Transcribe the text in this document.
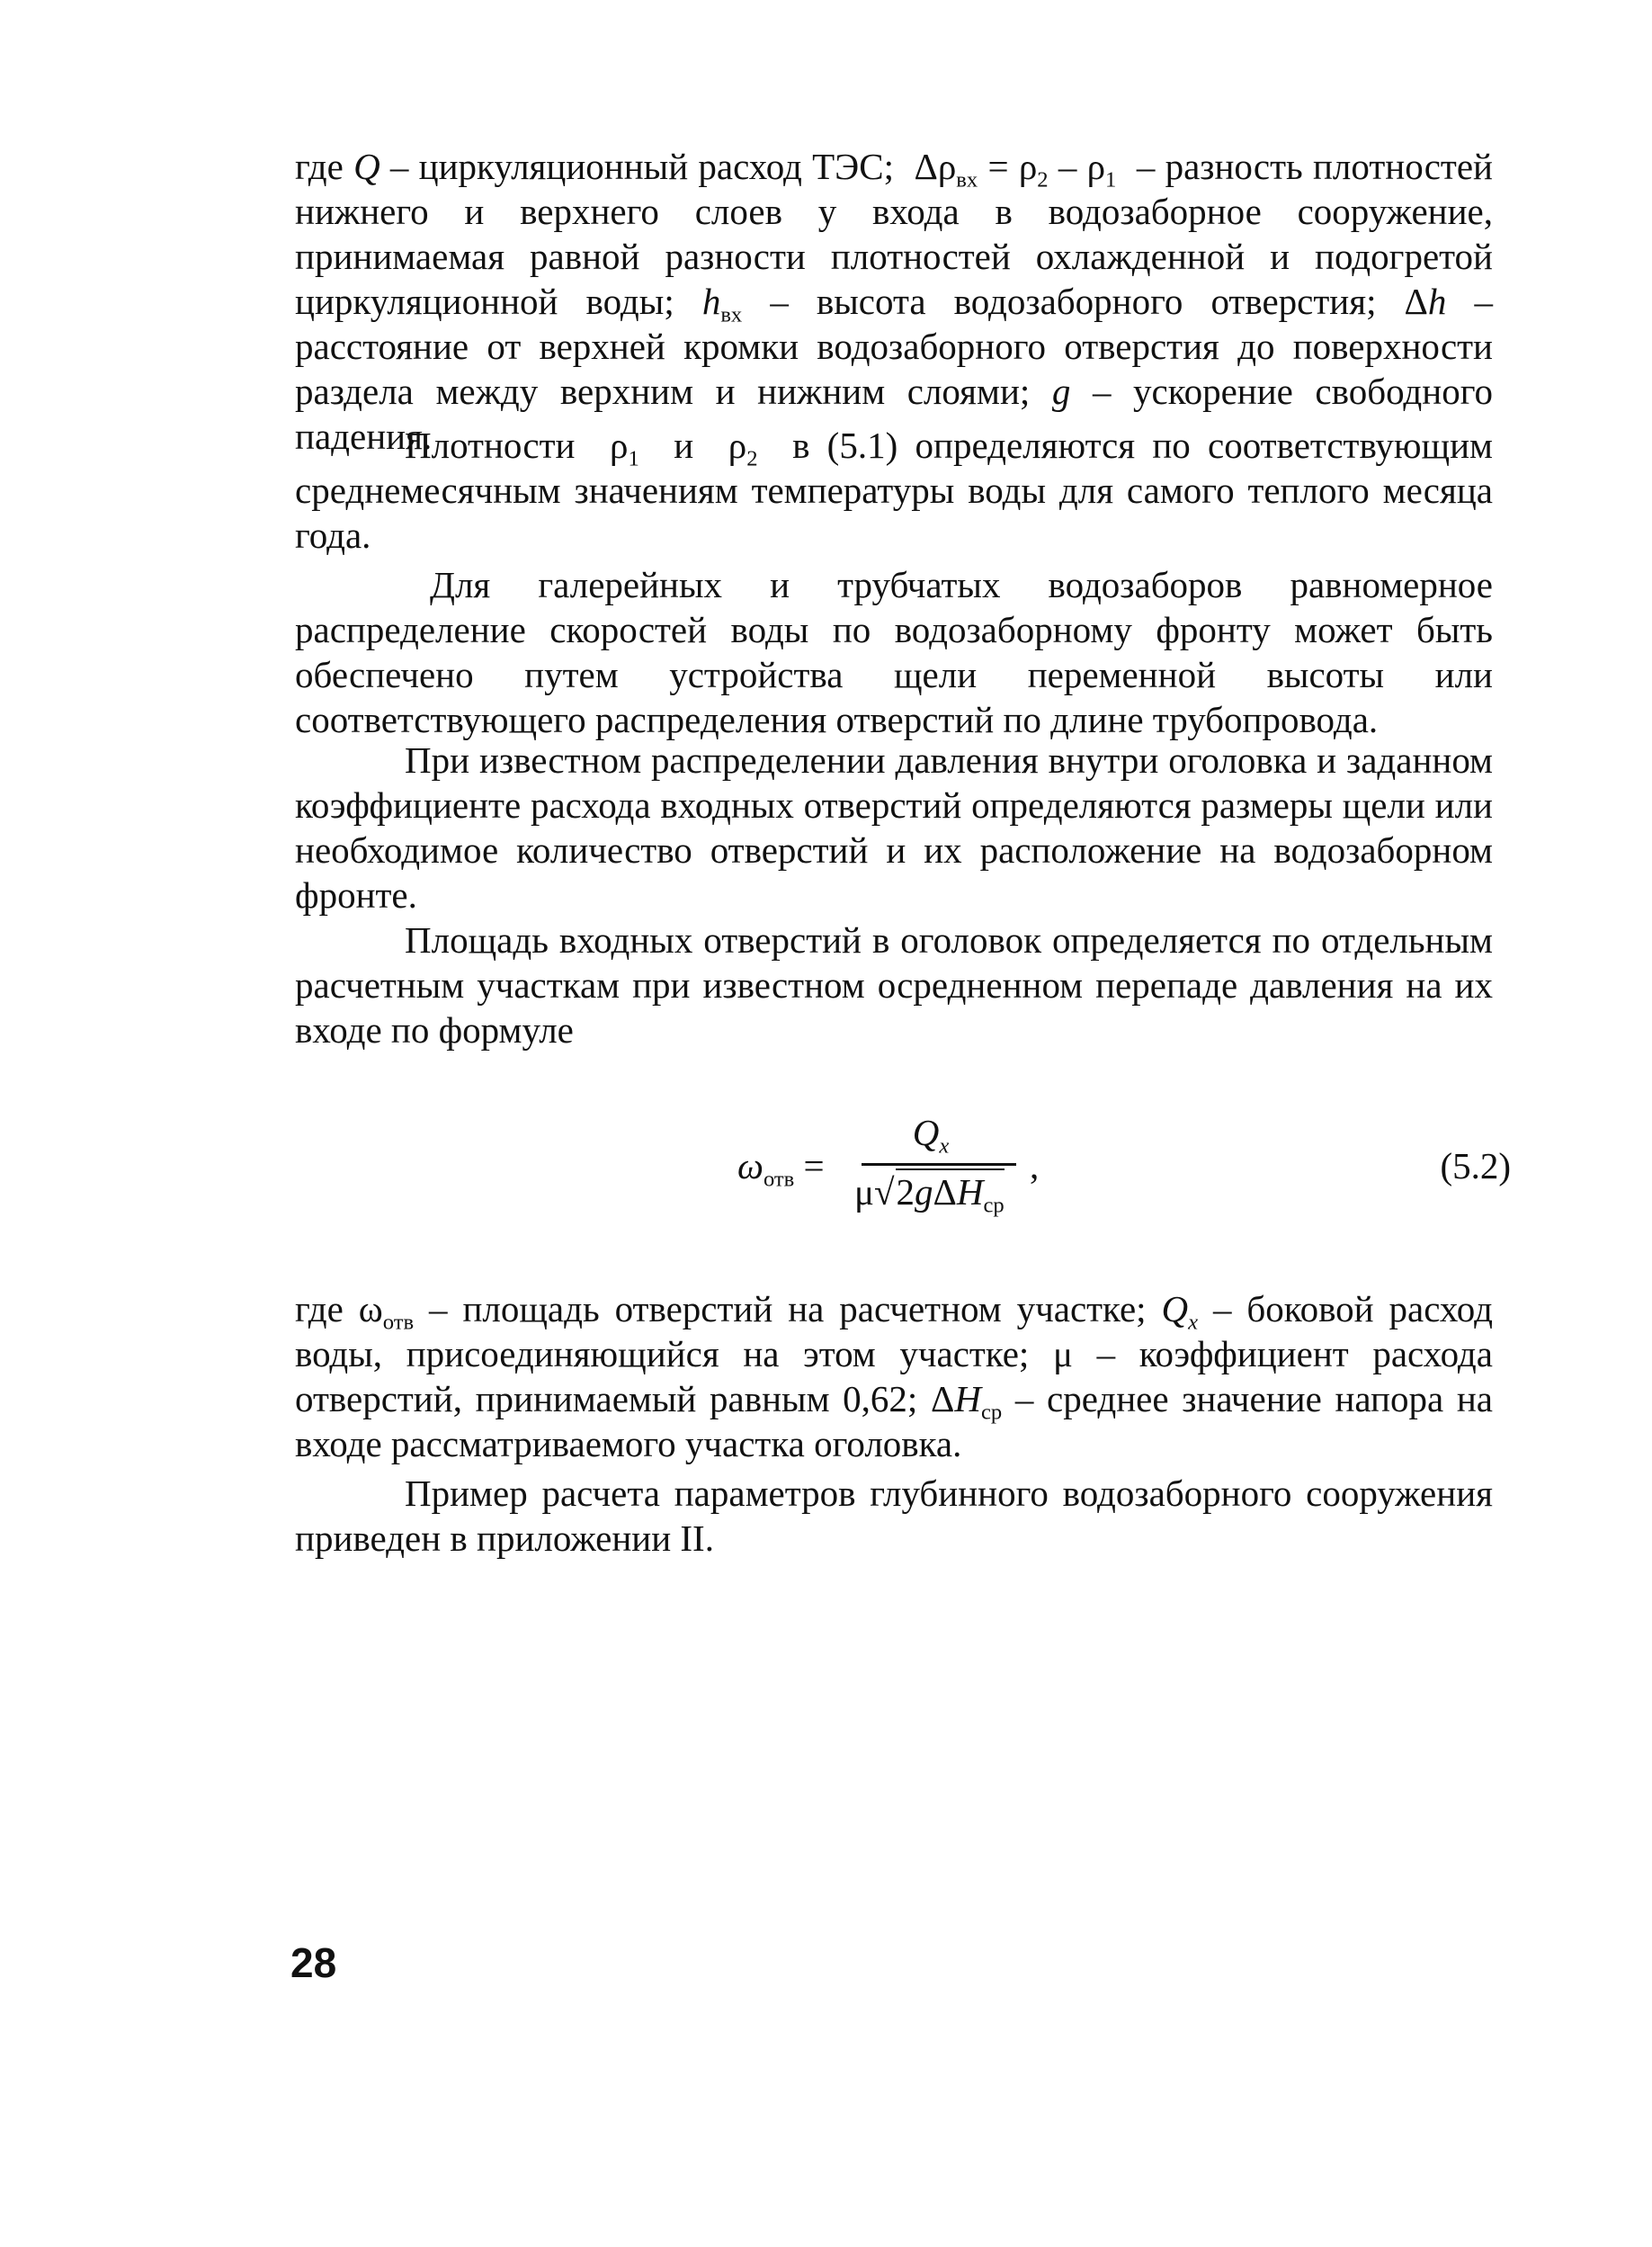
где Q – циркуляционный расход ТЭС;  $\Delta\rho_{вх} = \rho_2 - \rho_1$  – разность плотностей нижнего и верхнего слоев у входа в водозаборное сооружение, принимаемая равной разности плотностей охлажденной и подогретой циркуляционной воды; $h_{вх}$ – высота водозаборного отверстия; Δh – расстояние от верхней кромки водозаборного отверстия до поверхности раздела между верхним и нижним слоями; g – ускорение свободного падения.

Плотности  $\rho_1$  и  $\rho_2$  в (5.1) определяются по соответствующим среднемесячным значениям температуры воды для самого теплого месяца года.

Для галерейных и трубчатых водозаборов равномерное распределение скоростей воды по водозаборному фронту может быть обеспечено путем устройства щели переменной высоты или соответствующего распределения отверстий по длине трубопровода.

При известном распределении давления внутри оголовка и заданном коэффициенте расхода входных отверстий определяются размеры щели или необходимое количество отверстий и их расположение на водозаборном фронте.

Площадь входных отверстий в оголовок определяется по отдельным расчетным участкам при известном осредненном перепаде давления на их входе по формуле

$\omega_{отв}$ =
$Q_x$
μ√2gΔH$_{ср}$
,	(5.2)

где $\omega_{отв}$ – площадь отверстий на расчетном участке; $Q_x$ – боковой расход воды, присоединяющийся на этом участке; μ – коэффициент расхода отверстий, принимаемый равным 0,62; $\Delta H_{ср}$ – среднее значение напора на входе рассматриваемого участка оголовка.

Пример расчета параметров глубинного водозаборного сооружения приведен в приложении II.

28
